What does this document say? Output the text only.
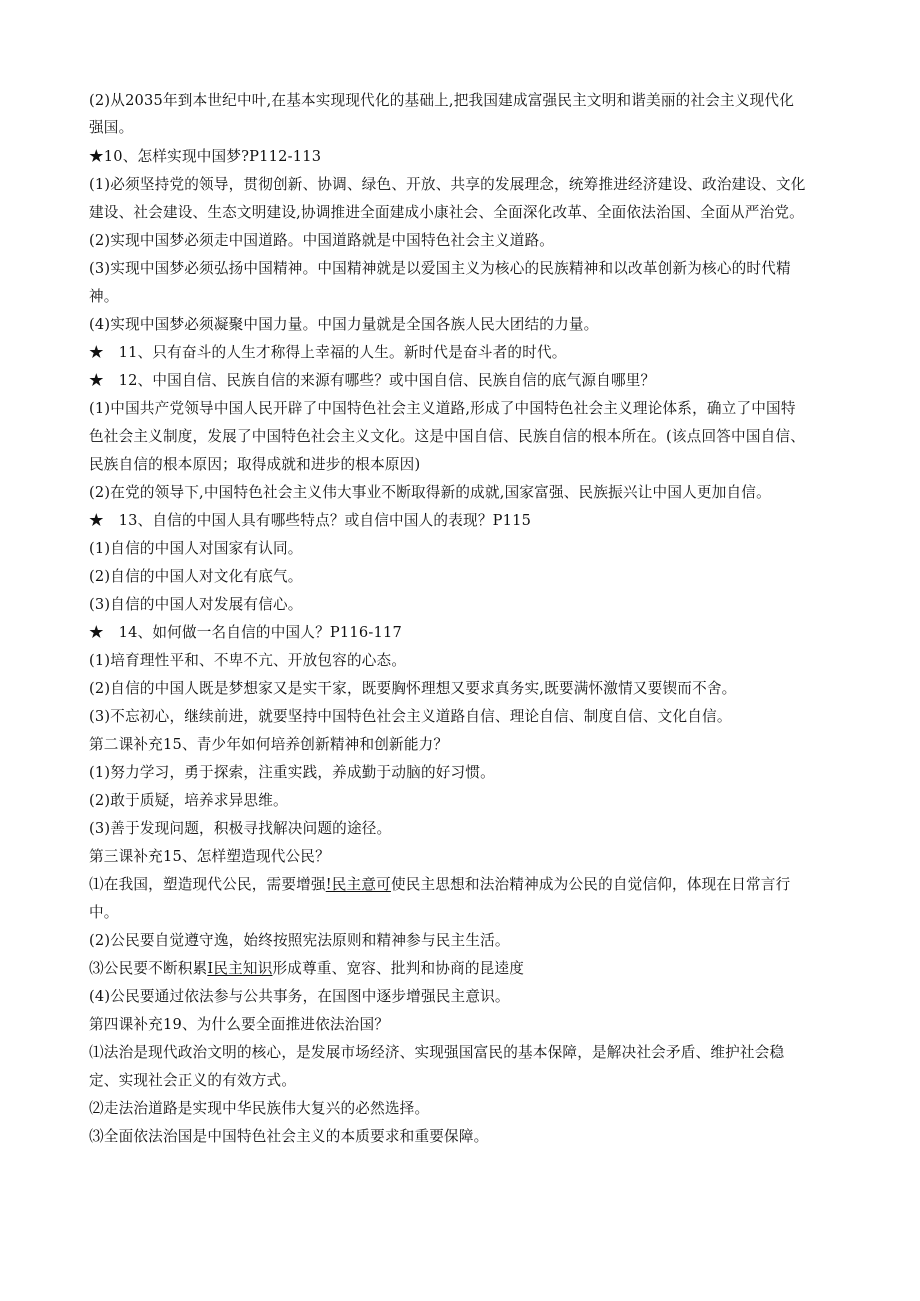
(2)从2035年到本世纪中叶,在基本实现现代化的基础上,把我国建成富强民主文明和谐美丽的社会主义现代化
强国。
★10、怎样实现中国梦?P112-113
(1)必须坚持党的领导，贯彻创新、协调、绿色、开放、共享的发展理念，统筹推进经济建设、政治建设、文化
建设、社会建设、生态文明建设,协调推进全面建成小康社会、全面深化改革、全面依法治国、全面从严治党。
(2)实现中国梦必须走中国道路。中国道路就是中国特色社会主义道路。
(3)实现中国梦必须弘扬中国精神。中国精神就是以爱国主义为核心的民族精神和以改革创新为核心的时代精
神。
(4)实现中国梦必须凝聚中国力量。中国力量就是全国各族人民大团结的力量。
★　11、只有奋斗的人生才称得上幸福的人生。新时代是奋斗者的时代。
★　12、中国自信、民族自信的来源有哪些？或中国自信、民族自信的底气源自哪里？
(1)中国共产党领导中国人民开辟了中国特色社会主义道路,形成了中国特色社会主义理论体系，确立了中国特
色社会主义制度，发展了中国特色社会主义文化。这是中国自信、民族自信的根本所在。(该点回答中国自信、
民族自信的根本原因；取得成就和进步的根本原因)
(2)在党的领导下,中国特色社会主义伟大事业不断取得新的成就,国家富强、民族振兴让中国人更加自信。
★　13、自信的中国人具有哪些特点？或自信中国人的表现？P115
(1)自信的中国人对国家有认同。
(2)自信的中国人对文化有底气。
(3)自信的中国人对发展有信心。
★　14、如何做一名自信的中国人？P116-117
(1)培育理性平和、不卑不亢、开放包容的心态。
(2)自信的中国人既是梦想家又是实干家，既要胸怀理想又要求真务实,既要满怀激情又要锲而不舍。
(3)不忘初心，继续前进，就要坚持中国特色社会主义道路自信、理论自信、制度自信、文化自信。
第二课补充15、青少年如何培养创新精神和创新能力？
(1)努力学习，勇于探索，注重实践，养成勤于动脑的好习惯。
(2)敢于质疑，培养求异思维。
(3)善于发现问题，积极寻找解决问题的途径。
第三课补充15、怎样塑造现代公民？
⑴在我国，塑造现代公民，需要增强!民主意可使民主思想和法治精神成为公民的自觉信仰，体现在日常言行
中。
(2)公民要自觉遵守逸，始终按照宪法原则和精神参与民主生活。
⑶公民要不断积累I民主知识形成尊重、宽容、批判和协商的昆逵度
(4)公民要通过依法参与公共事务，在国图中逐步增强民主意识。
第四课补充19、为什么要全面推进依法治国？
⑴法治是现代政治文明的核心，是发展市场经济、实现强国富民的基本保障，是解决社会矛盾、维护社会稳
定、实现社会正义的有效方式。
⑵走法治道路是实现中华民族伟大复兴的必然选择。
⑶全面依法治国是中国特色社会主义的本质要求和重要保障。
